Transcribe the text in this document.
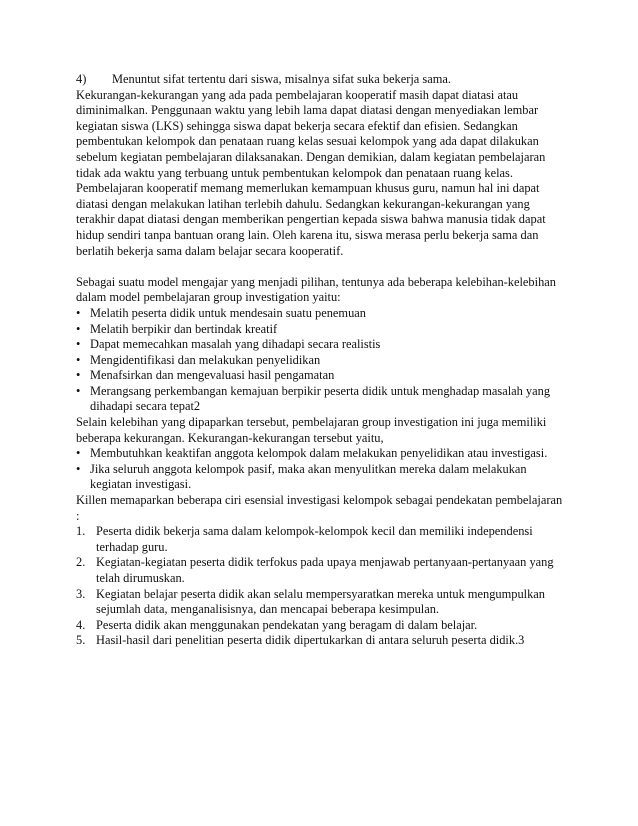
4)	Menuntut sifat tertentu dari siswa, misalnya sifat suka bekerja sama.

Kekurangan-kekurangan yang ada pada pembelajaran kooperatif masih dapat diatasi atau diminimalkan. Penggunaan waktu yang lebih lama dapat diatasi dengan menyediakan lembar kegiatan siswa (LKS) sehingga siswa dapat bekerja secara efektif dan efisien. Sedangkan pembentukan kelompok dan penataan ruang kelas sesuai kelompok yang ada dapat dilakukan sebelum kegiatan pembelajaran dilaksanakan. Dengan demikian, dalam kegiatan pembelajaran tidak ada waktu yang terbuang untuk pembentukan kelompok dan penataan ruang kelas. Pembelajaran kooperatif memang memerlukan kemampuan khusus guru, namun hal ini dapat diatasi dengan melakukan latihan terlebih dahulu. Sedangkan kekurangan-kekurangan yang terakhir dapat diatasi dengan memberikan pengertian kepada siswa bahwa manusia tidak dapat hidup sendiri tanpa bantuan orang lain. Oleh karena itu, siswa merasa perlu bekerja sama dan berlatih bekerja sama dalam belajar secara kooperatif.

Sebagai suatu model mengajar yang menjadi pilihan, tentunya ada beberapa kelebihan-kelebihan dalam model pembelajaran group investigation yaitu:

• Melatih peserta didik untuk mendesain suatu penemuan
• Melatih berpikir dan bertindak kreatif
• Dapat memecahkan masalah yang dihadapi secara realistis
• Mengidentifikasi dan melakukan penyelidikan
• Menafsirkan dan mengevaluasi hasil pengamatan
• Merangsang perkembangan kemajuan berpikir peserta didik untuk menghadap masalah yang dihadapi secara tepat2

Selain kelebihan yang dipaparkan tersebut, pembelajaran group investigation ini juga memiliki beberapa kekurangan. Kekurangan-kekurangan tersebut yaitu,

• Membutuhkan keaktifan anggota kelompok dalam melakukan penyelidikan atau investigasi.
• Jika seluruh anggota kelompok pasif, maka akan menyulitkan mereka dalam melakukan kegiatan investigasi.

Killen memaparkan beberapa ciri esensial investigasi kelompok sebagai pendekatan pembelajaran :

1. Peserta didik bekerja sama dalam kelompok-kelompok kecil dan memiliki independensi terhadap guru.
2. Kegiatan-kegiatan peserta didik terfokus pada upaya menjawab pertanyaan-pertanyaan yang telah dirumuskan.
3. Kegiatan belajar peserta didik akan selalu mempersyaratkan mereka untuk mengumpulkan sejumlah data, menganalisisnya, dan mencapai beberapa kesimpulan.
4. Peserta didik akan menggunakan pendekatan yang beragam di dalam belajar.
5. Hasil-hasil dari penelitian peserta didik dipertukarkan di antara seluruh peserta didik.3
